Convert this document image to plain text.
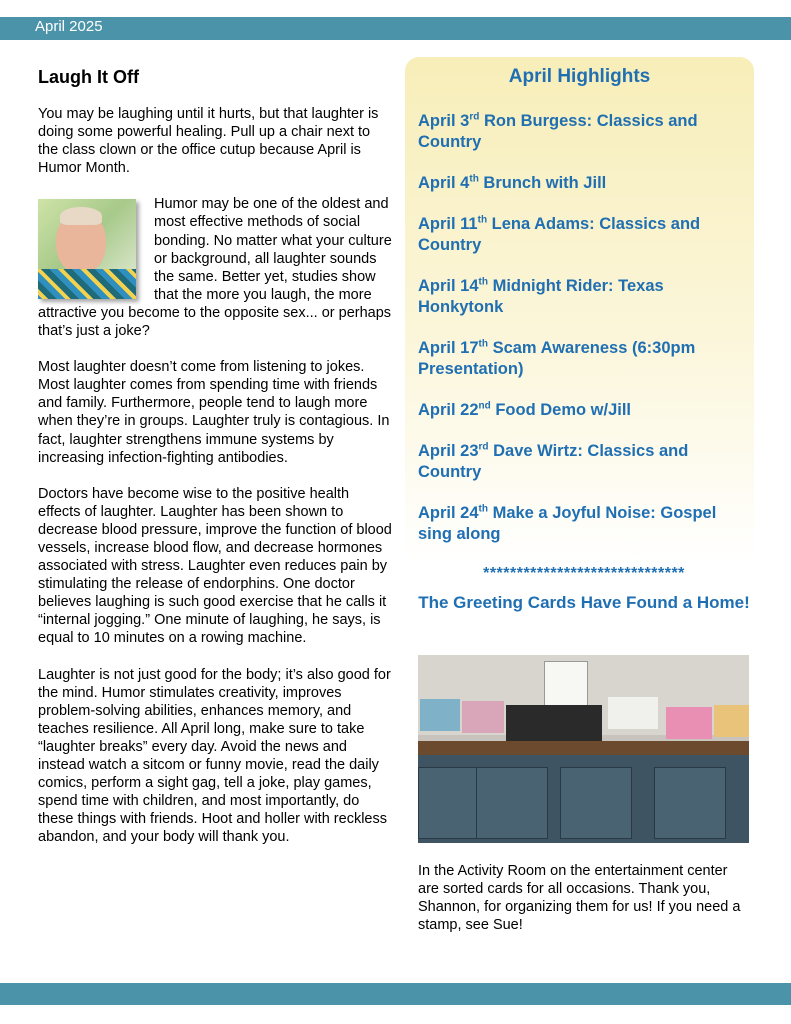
April 2025
Laugh It Off

You may be laughing until it hurts, but that laughter is doing some powerful healing. Pull up a chair next to the class clown or the office cutup because April is Humor Month.

Humor may be one of the oldest and most effective methods of social bonding. No matter what your culture or background, all laughter sounds the same. Better yet, studies show that the more you laugh, the more attractive you become to the opposite sex... or perhaps that’s just a joke?

Most laughter doesn’t come from listening to jokes. Most laughter comes from spending time with friends and family. Furthermore, people tend to laugh more when they’re in groups. Laughter truly is contagious. In fact, laughter strengthens immune systems by increasing infection-fighting antibodies.

Doctors have become wise to the positive health effects of laughter. Laughter has been shown to decrease blood pressure, improve the function of blood vessels, increase blood flow, and decrease hormones associated with stress. Laughter even reduces pain by stimulating the release of endorphins. One doctor believes laughing is such good exercise that he calls it “internal jogging.” One minute of laughing, he says, is equal to 10 minutes on a rowing machine.

Laughter is not just good for the body; it’s also good for the mind. Humor stimulates creativity, improves problem-solving abilities, enhances memory, and teaches resilience. All April long, make sure to take “laughter breaks” every day. Avoid the news and instead watch a sitcom or funny movie, read the daily comics, perform a sight gag, tell a joke, play games, spend time with children, and most importantly, do these things with friends. Hoot and holler with reckless abandon, and your body will thank you.

April Highlights
April 3rd Ron Burgess: Classics and Country
April 4th Brunch with Jill
April 11th Lena Adams: Classics and Country
April 14th Midnight Rider: Texas Honkytonk
April 17th Scam Awareness (6:30pm Presentation)
April 22nd Food Demo w/Jill
April 23rd Dave Wirtz: Classics and Country
April 24th Make a Joyful Noise: Gospel sing along
******************************
The Greeting Cards Have Found a Home!
In the Activity Room on the entertainment center are sorted cards for all occasions. Thank you, Shannon, for organizing them for us! If you need a stamp, see Sue!
